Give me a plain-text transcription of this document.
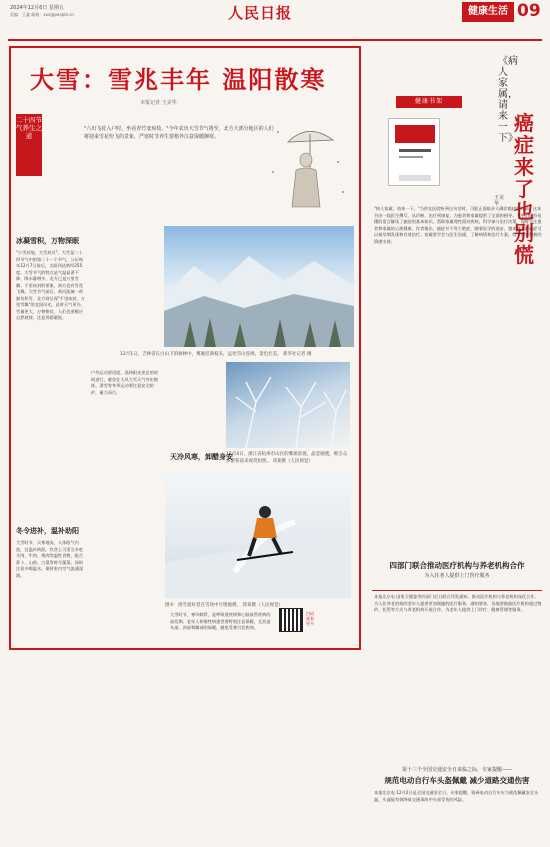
2024年12月6日 星期五
责编：王鑫 邮箱：xxx@people.cn	人民日报	健康生活 09
大雪：雪兆丰年 温阳散寒
本报记者 王美华
二十四节气养生之道
"六出飞花入户时，坐看青竹变琼枝。"今年农历大雪节气将至，北方大部分地区的人们将迎来雪花纷飞的景象，严寒时节养生要格外注意保暖御寒。
12月1日，吉林省长白山下的树林中，雾凇挂满枝头，远处雪山连绵，景色壮美。 新华社记者 摄
12月4日，浙江省杭州市山区的雾凇景观，晶莹剔透，吸引众多游客前来观赏拍照。 邓某摄（人民视觉）
图③：滑雪爱好者在雪场中尽情驰骋。 郭某摄（人民视觉）
冰凝雪积，万物深眠
"小雪封地，大雪封河"。大雪是二十四节气中的第二十一个节气，公历每年12月7日前后，太阳到达黄经255度。大雪节气的特点是气温显著下降、降水量增多，北方已是万里雪飘、千里冰封的景象，南方也有雪花飞舞。大雪节气前后，黄河流域一带渐有积雪，北方则呈现"千里冰封，万里雪飘"的北国风光。此时天气更冷，雪量更大，万物蛰伏，人们也要顺应自然规律，注意养精蓄锐。
冬令进补，温补助阳
大雪时节，天寒地冻，人体阳气内敛，宜温补助阳。饮食上可适当多吃羊肉、牛肉、鸡肉等温性食物，配合萝卜、山药、白菜等时令蔬菜。同时注意多喝温水，保持室内空气流通湿润。
户外运动要适度，选择阳光充足的时间进行，避免在大风大雪天气外出锻炼。滑雪等冬季运动要注意安全防护，量力而行。
天冷风寒，卸醋身安
大雪时节，寒风刺骨，是呼吸道疾病和心脑血管疾病的高发期。老年人和慢性病患者要特别注意保暖，尤其是头部、颈部和脚部的保暖，避免受寒引发疾病。
扫码查看更多
健康书架
《病人家属，请来一下》
癌症来了也别慌
王美华
"病人家属，请来一下。"当你在医院听到这句话时，可能正面临亲人确诊癌症的时刻。这本书由一线医生撰写，从诊断、治疗到康复，为患者和家属提供了全面的指导。书中用通俗易懂的语言解读了癌症的基本知识，帮助家属理性面对疾病，科学参与治疗决策，同时关注患者和家属的心理健康。作者指出，癌症并不等于绝症，随着医学的进步，越来越多的癌症可以被早期发现和有效治疗。家属要学会与医生沟通，了解病情和治疗方案，给予患者积极的情感支持。
四部门联合推动医疗机构与养老机构合作
为入住老人提供上门医疗服务
本报北京电 国家卫健委等四部门近日联合印发通知，推动医疗机构与养老机构深化合作，为入住养老机构的老年人提供更加便捷的医疗服务。通知要求，各地要鼓励医疗机构通过签约、托管等方式与养老机构开展合作，为老年人提供上门诊疗、健康管理等服务。
第十三个全国交通安全日来临之际，专家提醒——
规范电动自行车头盔佩戴 减少道路交通伤害
本报北京电 12月2日是全国交通安全日。专家提醒，骑乘电动自行车应当规范佩戴安全头盔，头盔能有效降低交通事故中头部受伤的风险。
